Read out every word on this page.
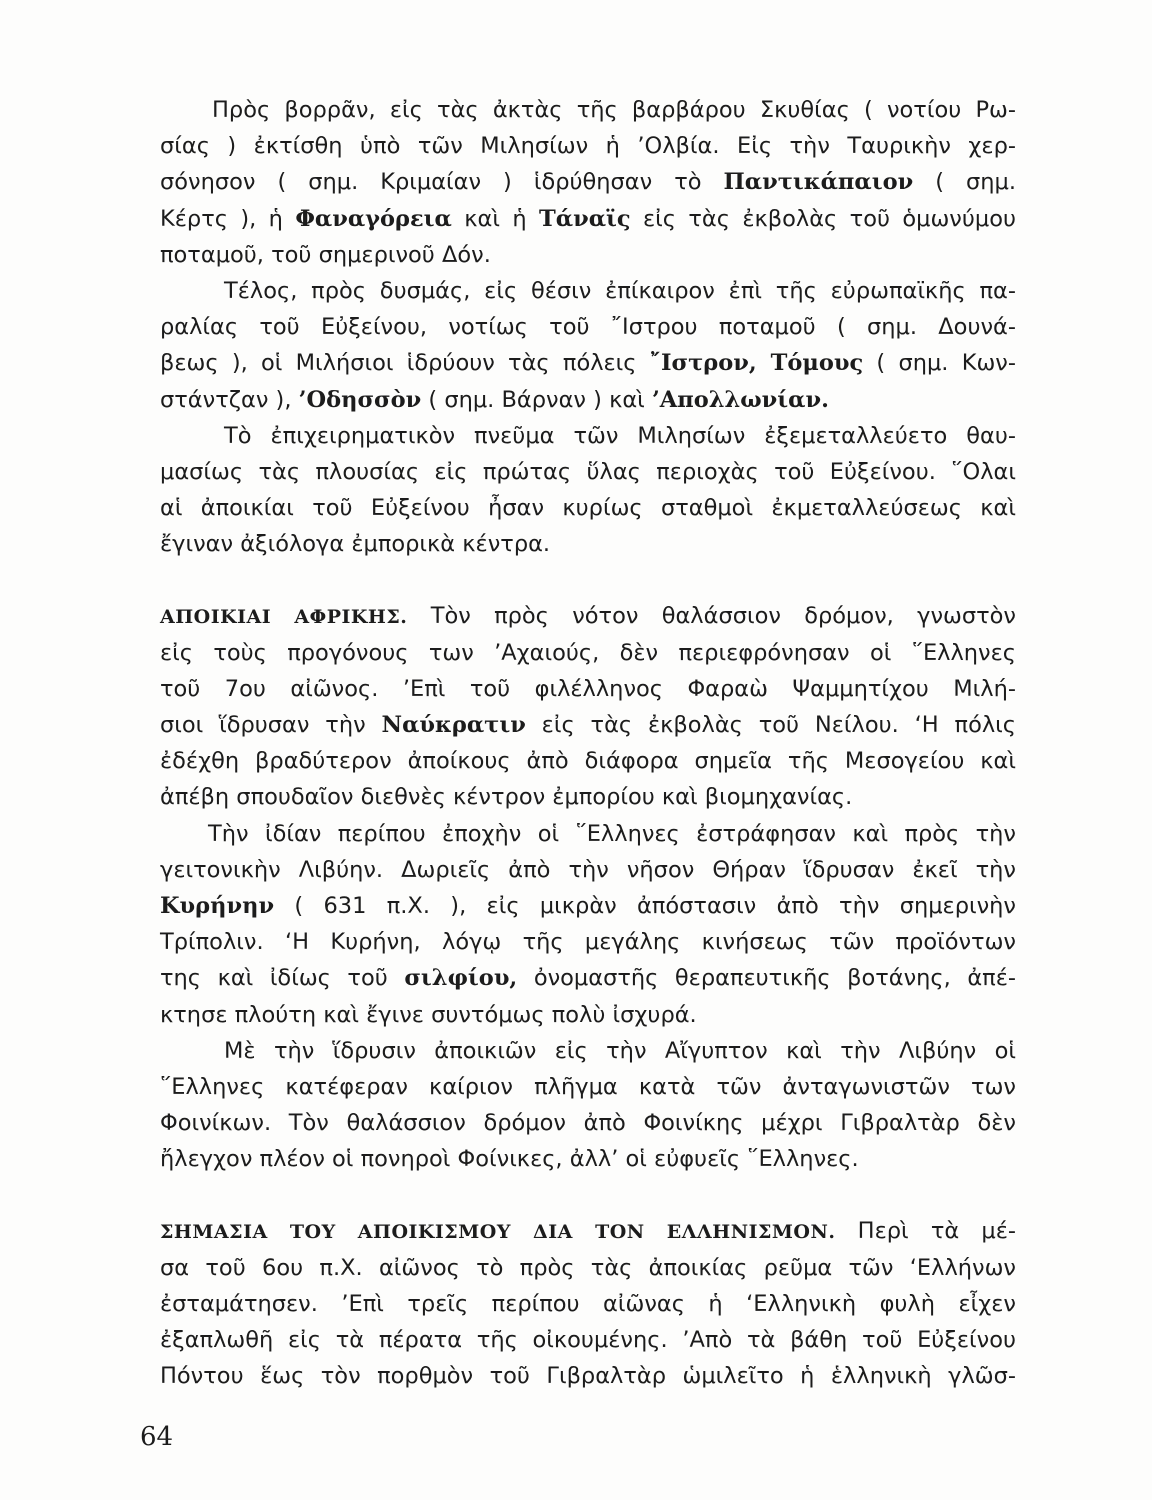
Πρὸς βορρᾶν, εἰς τὰς ἀκτὰς τῆς βαρβάρου Σκυθίας ( νοτίου Ρω-
σίας ) ἐκτίσθη ὑπὸ τῶν Μιλησίων ἡ ’Ολβία. Εἰς τὴν Ταυρικὴν χερ-
σόνησον ( σημ. Κριμαίαν ) ἱδρύθησαν τὸ Παντικάπαιον ( σημ.
Κέρτς ), ἡ Φαναγόρεια καὶ ἡ Τάναϊς εἰς τὰς ἐκβολὰς τοῦ ὁμωνύμου
ποταμοῦ, τοῦ σημερινοῦ Δόν.
Τέλος, πρὸς δυσμάς, εἰς θέσιν ἐπίκαιρον ἐπὶ τῆς εὐρωπαϊκῆς πα-
ραλίας τοῦ Εὐξείνου, νοτίως τοῦ ῎Ιστρου ποταμοῦ ( σημ. Δουνά-
βεως ), οἱ Μιλήσιοι ἱδρύουν τὰς πόλεις ῎Ιστρον, Τόμους ( σημ. Κων-
στάντζαν ), ’Οδησσὸν ( σημ. Βάρναν ) καὶ ’Απολλωνίαν.
Τὸ ἐπιχειρηματικὸν πνεῦμα τῶν Μιλησίων ἐξεμεταλλεύετο θαυ-
μασίως τὰς πλουσίας εἰς πρώτας ὕλας περιοχὰς τοῦ Εὐξείνου. ῞Ολαι
αἱ ἀποικίαι τοῦ Εὐξείνου ἦσαν κυρίως σταθμοὶ ἐκμεταλλεύσεως καὶ
ἔγιναν ἀξιόλογα ἐμπορικὰ κέντρα.
ΑΠΟΙΚΙΑΙ ΑΦΡΙΚΗΣ. Τὸν πρὸς νότον θαλάσσιον δρόμον, γνωστὸν
εἰς τοὺς προγόνους των ’Αχαιούς, δὲν περιεφρόνησαν οἱ ῞Ελληνες
τοῦ 7ου αἰῶνος. ’Επὶ τοῦ φιλέλληνος Φαραὼ Ψαμμητίχου Μιλή-
σιοι ἵδρυσαν τὴν Ναύκρατιν εἰς τὰς ἐκβολὰς τοῦ Νείλου. ‘Η πόλις
ἐδέχθη βραδύτερον ἀποίκους ἀπὸ διάφορα σημεῖα τῆς Μεσογείου καὶ
ἀπέβη σπουδαῖον διεθνὲς κέντρον ἐμπορίου καὶ βιομηχανίας.
Τὴν ἰδίαν περίπου ἐποχὴν οἱ ῞Ελληνες ἐστράφησαν καὶ πρὸς τὴν
γειτονικὴν Λιβύην. Δωριεῖς ἀπὸ τὴν νῆσον Θήραν ἵδρυσαν ἐκεῖ τὴν
Κυρήνην ( 631 π.Χ. ), εἰς μικρὰν ἀπόστασιν ἀπὸ τὴν σημερινὴν
Τρίπολιν. ‘Η Κυρήνη, λόγῳ τῆς μεγάλης κινήσεως τῶν προϊόντων
της καὶ ἰδίως τοῦ σιλφίου, ὀνομαστῆς θεραπευτικῆς βοτάνης, ἀπέ-
κτησε πλούτη καὶ ἔγινε συντόμως πολὺ ἰσχυρά.
Μὲ τὴν ἵδρυσιν ἀποικιῶν εἰς τὴν Αἴγυπτον καὶ τὴν Λιβύην οἱ
῞Ελληνες κατέφεραν καίριον πλῆγμα κατὰ τῶν ἀνταγωνιστῶν των
Φοινίκων. Τὸν θαλάσσιον δρόμον ἀπὸ Φοινίκης μέχρι Γιβραλτὰρ δὲν
ἤλεγχον πλέον οἱ πονηροὶ Φοίνικες, ἀλλ’ οἱ εὐφυεῖς ῞Ελληνες.
ΣΗΜΑΣΙΑ ΤΟΥ ΑΠΟΙΚΙΣΜΟΥ ΔΙΑ ΤΟΝ ΕΛΛΗΝΙΣΜΟΝ. Περὶ τὰ μέ-
σα τοῦ 6ου π.Χ. αἰῶνος τὸ πρὸς τὰς ἀποικίας ρεῦμα τῶν ‘Ελλήνων
ἐσταμάτησεν. ’Επὶ τρεῖς περίπου αἰῶνας ἡ ‘Ελληνικὴ φυλὴ εἶχεν
ἐξαπλωθῆ εἰς τὰ πέρατα τῆς οἰκουμένης. ’Απὸ τὰ βάθη τοῦ Εὐξείνου
Πόντου ἕως τὸν πορθμὸν τοῦ Γιβραλτὰρ ὡμιλεῖτο ἡ ἑλληνικὴ γλῶσ-
64
